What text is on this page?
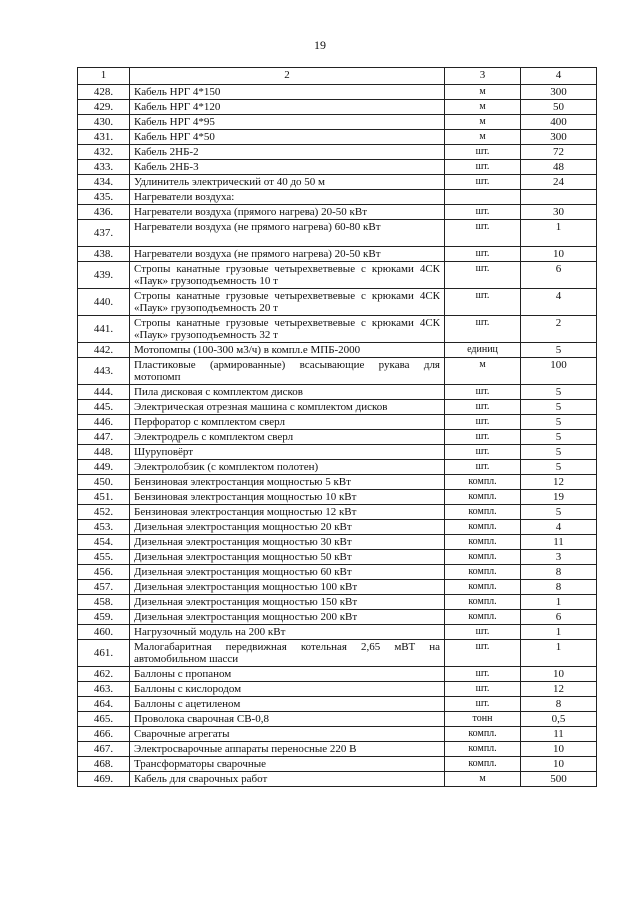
19
1	2	3	4
428.	Кабель НРГ 4*150	м	300
429.	Кабель НРГ 4*120	м	50
430.	Кабель НРГ 4*95	м	400
431.	Кабель НРГ 4*50	м	300
432.	Кабель 2НБ-2	шт.	72
433.	Кабель 2НБ-3	шт.	48
434.	Удлинитель электрический от 40 до 50 м	шт.	24
435.	Нагреватели воздуха:		
436.	Нагреватели воздуха (прямого нагрева) 20-50 кВт	шт.	30
437.	Нагреватели воздуха (не прямого нагрева) 60-80 кВт	шт.	1
438.	Нагреватели воздуха (не прямого нагрева) 20-50 кВт	шт.	10
439.	Стропы канатные грузовые четырехветвевые с крюками 4СК «Паук» грузоподъемность 10 т	шт.	6
440.	Стропы канатные грузовые четырехветвевые с крюками 4СК «Паук» грузоподъемность 20 т	шт.	4
441.	Стропы канатные грузовые четырехветвевые с крюками 4СК «Паук» грузоподъемность 32 т	шт.	2
442.	Мотопомпы (100-300 м3/ч) в компл.е МПБ-2000	единиц	5
443.	Пластиковые (армированные) всасывающие рукава для мотопомп	м	100
444.	Пила дисковая с комплектом дисков	шт.	5
445.	Электрическая отрезная машина с комплектом дисков	шт.	5
446.	Перфоратор с комплектом сверл	шт.	5
447.	Электродрель с комплектом сверл	шт.	5
448.	Шуруповёрт	шт.	5
449.	Электролобзик (с комплектом полотен)	шт.	5
450.	Бензиновая электростанция мощностью 5 кВт	компл.	12
451.	Бензиновая электростанция мощностью 10 кВт	компл.	19
452.	Бензиновая электростанция мощностью 12 кВт	компл.	5
453.	Дизельная электростанция мощностью 20 кВт	компл.	4
454.	Дизельная электростанция мощностью 30 кВт	компл.	11
455.	Дизельная электростанция мощностью 50 кВт	компл.	3
456.	Дизельная электростанция мощностью 60 кВт	компл.	8
457.	Дизельная электростанция мощностью 100 кВт	компл.	8
458.	Дизельная электростанция мощностью 150 кВт	компл.	1
459.	Дизельная электростанция мощностью 200 кВт	компл.	6
460.	Нагрузочный модуль на 200 кВт	шт.	1
461.	Малогабаритная передвижная котельная 2,65 мВТ на автомобильном шасси	шт.	1
462.	Баллоны с пропаном	шт.	10
463.	Баллоны с кислородом	шт.	12
464.	Баллоны с ацетиленом	шт.	8
465.	Проволока сварочная СВ-0,8	тонн	0,5
466.	Сварочные агрегаты	компл.	11
467.	Электросварочные аппараты переносные 220 В	компл.	10
468.	Трансформаторы сварочные	компл.	10
469.	Кабель для сварочных работ	м	500
